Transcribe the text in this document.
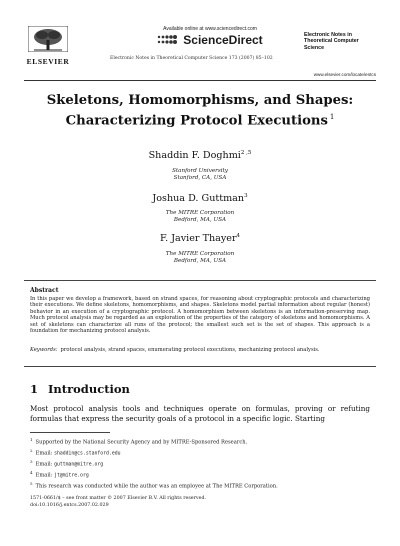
ELSEVIER
Available online at www.sciencedirect.com
ScienceDirect
Electronic Notes in Theoretical Computer Science 173 (2007) 85–102
Electronic Notes in Theoretical Computer Science
www.elsevier.com/locate/entcs
Skeletons, Homomorphisms, and Shapes:
Characterizing Protocol Executions $^1$
Shaddin F. Doghmi$^{2 ,5}$
Stanford University
Stanford, CA, USA
Joshua D. Guttman$^3$
The MITRE Corporation
Bedford, MA, USA
F. Javier Thayer$^4$
The MITRE Corporation
Bedford, MA, USA
Abstract
In this paper we develop a framework, based on strand spaces, for reasoning about cryptographic protocols and characterizing their executions. We define skeletons, homomorphisms, and shapes. Skeletons model partial information about regular (honest) behavior in an execution of a cryptographic protocol. A homomorphism between skeletons is an information-preserving map. Much protocol analysis may be regarded as an exploration of the properties of the category of skeletons and homomorphisms. A set of skeletons can characterize all runs of the protocol; the smallest such set is the set of shapes. This approach is a foundation for mechanizing protocol analysis.
Keywords: protocol analysis, strand spaces, enumerating protocol executions, mechanizing protocol analysis.
1 Introduction
Most protocol analysis tools and techniques operate on formulas, proving or refuting formulas that express the security goals of a protocol in a specific logic. Starting
$^1$Supported by the National Security Agency and by MITRE-Sponsored Research.
$^2$Email: shaddin@cs.stanford.edu
$^3$Email: guttman@mitre.org
$^4$Email: jt@mitre.org
$^5$This research was conducted while the author was an employee at The MITRE Corporation.
1571-0661/$ – see front matter © 2007 Elsevier B.V. All rights reserved.
doi:10.1016/j.entcs.2007.02.029
